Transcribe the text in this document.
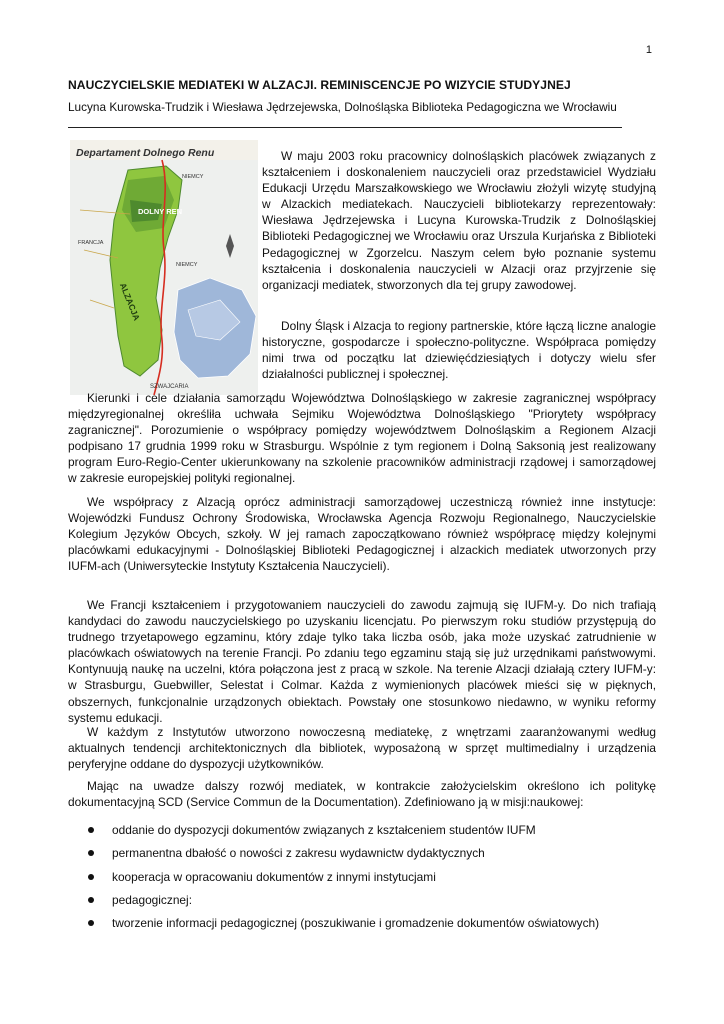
1
NAUCZYCIELSKIE MEDIATEKI W ALZACJI. REMINISCENCJE PO WIZYCIE STUDYJNEJ
Lucyna Kurowska-Trudzik i Wiesława Jędrzejewska, Dolnośląska Biblioteka Pedagogiczna we Wrocławiu
Departament Dolnego Renu
NIEMCY
DOLNY REN
FRANCJA
NIEMCY
ALZACJA
SZWAJCARIA

W maju 2003 roku pracownicy dolnośląskich placówek związanych z kształceniem i doskonaleniem nauczycieli oraz przedstawiciel Wydziału Edukacji Urzędu Marszałkowskiego we Wrocławiu złożyli wizytę studyjną w Alzackich mediatekach. Nauczycieli bibliotekarzy reprezentowały: Wiesława Jędrzejewska i Lucyna Kurowska-Trudzik z Dolnośląskiej Biblioteki Pedagogicznej we Wrocławiu oraz Urszula Kurjańska z Biblioteki Pedagogicznej w Zgorzelcu. Naszym celem było poznanie systemu kształcenia i doskonalenia nauczycieli w Alzacji oraz przyjrzenie się organizacji mediatek, stworzonych dla tej grupy zawodowej.

Dolny Śląsk i Alzacja to regiony partnerskie, które łączą liczne analogie historyczne, gospodarcze i społeczno-polityczne. Współpraca pomiędzy nimi trwa od początku lat dziewięćdziesiątych i dotyczy wielu sfer działalności publicznej i społecznej.

Kierunki i cele działania samorządu Województwa Dolnośląskiego w zakresie zagranicznej współpracy międzyregionalnej określiła uchwała Sejmiku Województwa Dolnośląskiego "Priorytety współpracy zagranicznej". Porozumienie o współpracy pomiędzy województwem Dolnośląskim a Regionem Alzacji podpisano 17 grudnia 1999 roku w Strasburgu. Wspólnie z tym regionem i Dolną Saksonią jest realizowany program Euro-Regio-Center ukierunkowany na szkolenie pracowników administracji rządowej i samorządowej w zakresie europejskiej polityki regionalnej.

We współpracy z Alzacją oprócz administracji samorządowej uczestniczą również inne instytucje: Wojewódzki Fundusz Ochrony Środowiska, Wrocławska Agencja Rozwoju Regionalnego, Nauczycielskie Kolegium Języków Obcych, szkoły. W jej ramach zapoczątkowano również współpracę między kolejnymi placówkami edukacyjnymi - Dolnośląskiej Biblioteki Pedagogicznej i alzackich mediatek utworzonych przy IUFM-ach (Uniwersyteckie Instytuty Kształcenia Nauczycieli).

We Francji kształceniem i przygotowaniem nauczycieli do zawodu zajmują się IUFM-y. Do nich trafiają kandydaci do zawodu nauczycielskiego po uzyskaniu licencjatu. Po pierwszym roku studiów przystępują do trudnego trzyetapowego egzaminu, który zdaje tylko taka liczba osób, jaka może uzyskać zatrudnienie w placówkach oświatowych na terenie Francji. Po zdaniu tego egzaminu stają się już urzędnikami państwowymi. Kontynuują naukę na uczelni, która połączona jest z pracą w szkole. Na terenie Alzacji działają cztery IUFM-y: w Strasburgu, Guebwiller, Selestat i Colmar. Każda z wymienionych placówek mieści się w pięknych, obszernych, funkcjonalnie urządzonych obiektach. Powstały one stosunkowo niedawno, w wyniku reformy systemu edukacji.

W każdym z Instytutów utworzono nowoczesną mediatekę, z wnętrzami zaaranżowanymi według aktualnych tendencji architektonicznych dla bibliotek, wyposażoną w sprzęt multimedialny i urządzenia peryferyjne oddane do dyspozycji użytkowników.

Mając na uwadze dalszy rozwój mediatek, w kontrakcie założycielskim określono ich politykę dokumentacyjną SCD (Service Commun de la Documentation). Zdefiniowano ją w misji:naukowej:

oddanie do dyspozycji dokumentów związanych z kształceniem studentów IUFM
permanentna dbałość o nowości z zakresu wydawnictw dydaktycznych
kooperacja w opracowaniu dokumentów z innymi instytucjami
pedagogicznej:
tworzenie informacji pedagogicznej (poszukiwanie i gromadzenie dokumentów oświatowych)
